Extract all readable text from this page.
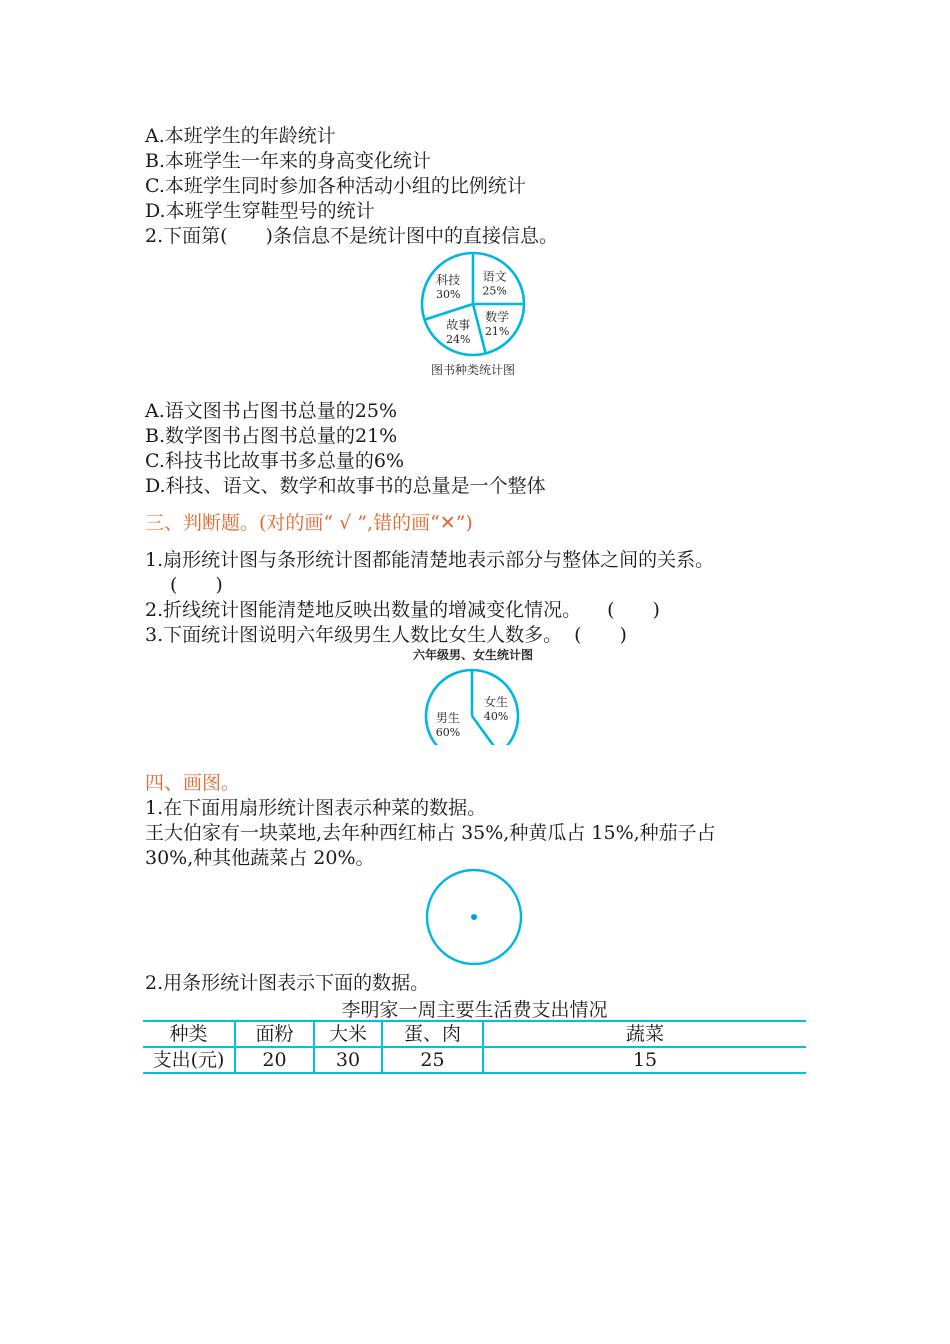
A.本班学生的年龄统计
B.本班学生一年来的身高变化统计
C.本班学生同时参加各种活动小组的比例统计
D.本班学生穿鞋型号的统计
2.下面第(　　)条信息不是统计图中的直接信息。
语文
25%
数学
21%
故事
24%
科技
30%
图书种类统计图
A.语文图书占图书总量的25%
B.数学图书占图书总量的21%
C.科技书比故事书多总量的6%
D.科技、语文、数学和故事书的总量是一个整体
三、判断题。(对的画“ √ ”,错的画“✕”)
1.扇形统计图与条形统计图都能清楚地表示部分与整体之间的关系。
(　　)
2.折线统计图能清楚地反映出数量的增减变化情况。 (　　)
3.下面统计图说明六年级男生人数比女生人数多。 (　　)
六年级男、女生统计图
女生
40%
男生
60%
四、画图。
1.在下面用扇形统计图表示种菜的数据。
王大伯家有一块菜地,去年种西红柿占 35%,种黄瓜占 15%,种茄子占
30%,种其他蔬菜占 20%。
2.用条形统计图表示下面的数据。
李明家一周主要生活费支出情况
种类	面粉	大米	蛋、肉	蔬菜
支出(元)	20	30	25	15
